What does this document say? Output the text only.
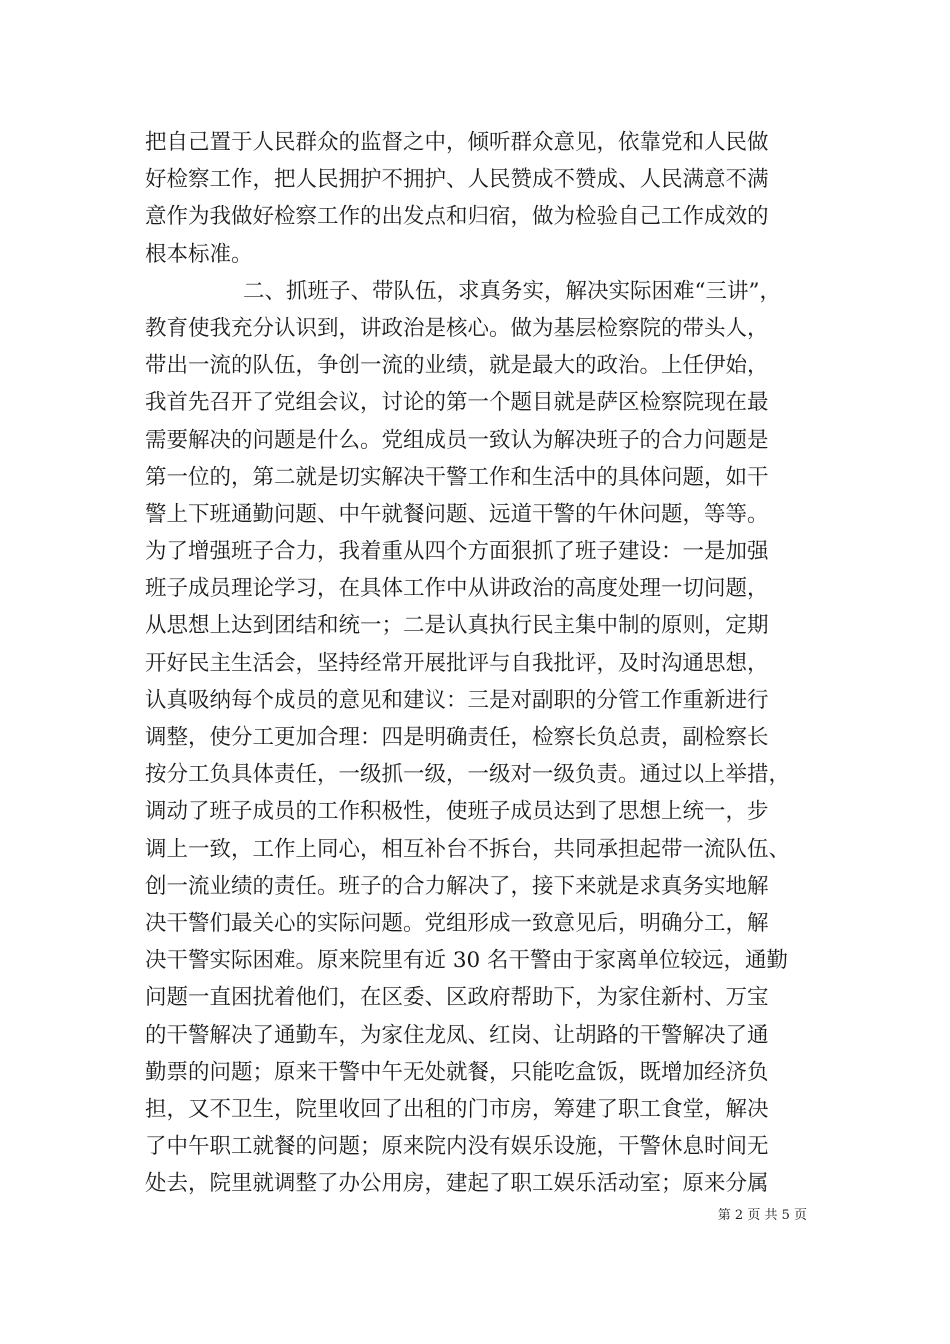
把自己置于人民群众的监督之中，倾听群众意见，依靠党和人民做
好检察工作，把人民拥护不拥护、人民赞成不赞成、人民满意不满
意作为我做好检察工作的出发点和归宿，做为检验自己工作成效的
根本标准。
二、抓班子、带队伍，求真务实，解决实际困难“三讲”，
教育使我充分认识到，讲政治是核心。做为基层检察院的带头人，
带出一流的队伍，争创一流的业绩，就是最大的政治。上任伊始，
我首先召开了党组会议，讨论的第一个题目就是萨区检察院现在最
需要解决的问题是什么。党组成员一致认为解决班子的合力问题是
第一位的，第二就是切实解决干警工作和生活中的具体问题，如干
警上下班通勤问题、中午就餐问题、远道干警的午休问题，等等。
为了增强班子合力，我着重从四个方面狠抓了班子建设：一是加强
班子成员理论学习，在具体工作中从讲政治的高度处理一切问题，
从思想上达到团结和统一；二是认真执行民主集中制的原则，定期
开好民主生活会，坚持经常开展批评与自我批评，及时沟通思想，
认真吸纳每个成员的意见和建议：三是对副职的分管工作重新进行
调整，使分工更加合理：四是明确责任，检察长负总责，副检察长
按分工负具体责任，一级抓一级，一级对一级负责。通过以上举措，
调动了班子成员的工作积极性，使班子成员达到了思想上统一，步
调上一致，工作上同心，相互补台不拆台，共同承担起带一流队伍、
创一流业绩的责任。班子的合力解决了，接下来就是求真务实地解
决干警们最关心的实际问题。党组形成一致意见后，明确分工，解
决干警实际困难。原来院里有近 30 名干警由于家离单位较远，通勤
问题一直困扰着他们，在区委、区政府帮助下，为家住新村、万宝
的干警解决了通勤车，为家住龙凤、红岗、让胡路的干警解决了通
勤票的问题；原来干警中午无处就餐，只能吃盒饭，既增加经济负
担，又不卫生，院里收回了出租的门市房，筹建了职工食堂，解决
了中午职工就餐的问题；原来院内没有娱乐设施，干警休息时间无
处去，院里就调整了办公用房，建起了职工娱乐活动室；原来分属
第 2 页 共 5 页
